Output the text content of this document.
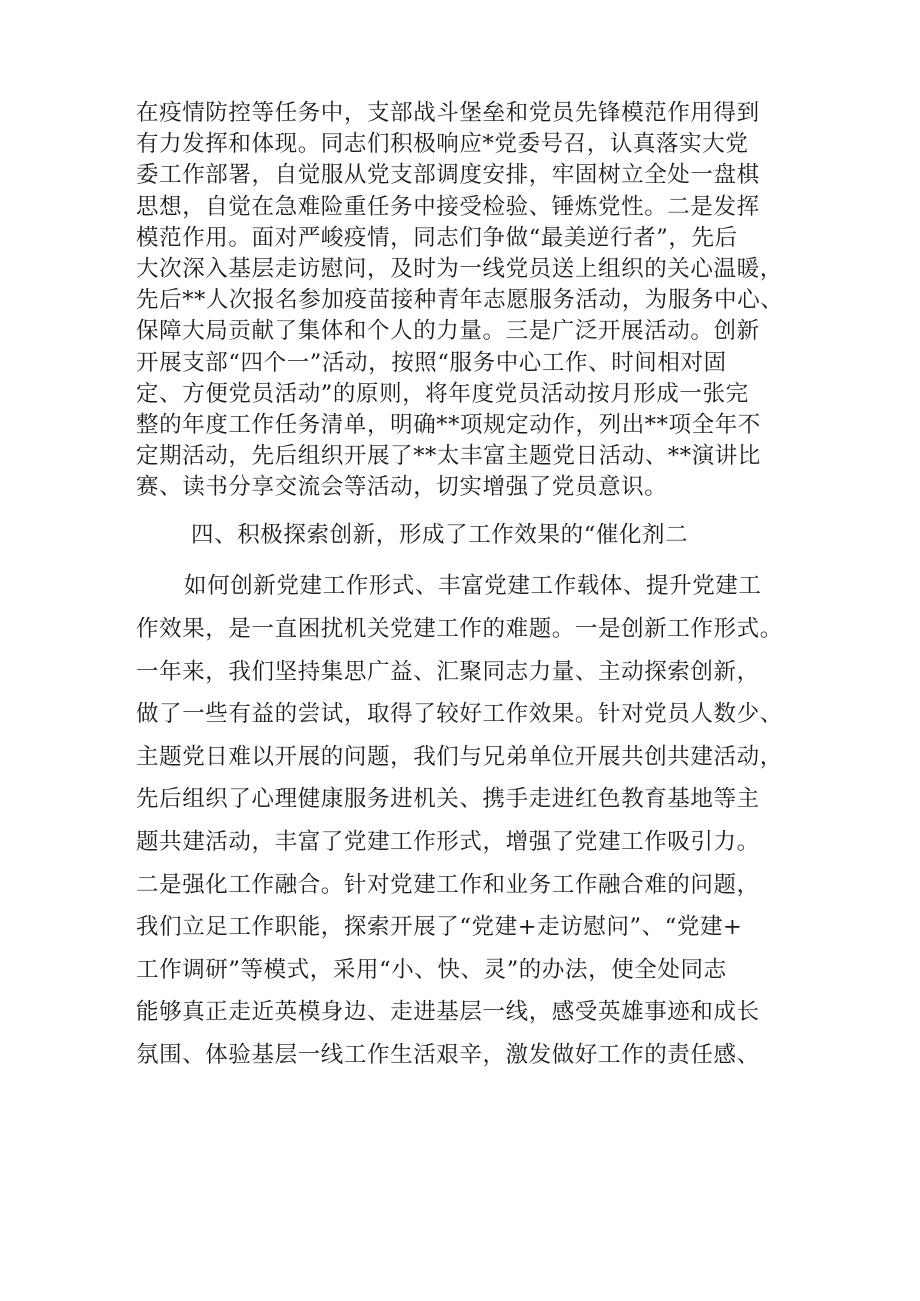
在疫情防控等任务中，支部战斗堡垒和党员先锋模范作用得到
有力发挥和体现。同志们积极响应*党委号召，认真落实大党
委工作部署，自觉服从党支部调度安排，牢固树立全处一盘棋
思想，自觉在急难险重任务中接受检验、锤炼党性。二是发挥
模范作用。面对严峻疫情，同志们争做“最美逆行者”，先后
大次深入基层走访慰问，及时为一线党员送上组织的关心温暖，
先后**人次报名参加疫苗接种青年志愿服务活动，为服务中心、
保障大局贡献了集体和个人的力量。三是广泛开展活动。创新
开展支部“四个一”活动，按照“服务中心工作、时间相对固
定、方便党员活动”的原则，将年度党员活动按月形成一张完
整的年度工作任务清单，明确**项规定动作，列出**项全年不
定期活动，先后组织开展了**太丰富主题党日活动、**演讲比
赛、读书分享交流会等活动，切实增强了党员意识。
四、积极探索创新，形成了工作效果的“催化剂二
如何创新党建工作形式、丰富党建工作载体、提升党建工
作效果，是一直困扰机关党建工作的难题。一是创新工作形式。
一年来，我们坚持集思广益、汇聚同志力量、主动探索创新，
做了一些有益的尝试，取得了较好工作效果。针对党员人数少、
主题党日难以开展的问题，我们与兄弟单位开展共创共建活动，
先后组织了心理健康服务进机关、携手走进红色教育基地等主
题共建活动，丰富了党建工作形式，增强了党建工作吸引力。
二是强化工作融合。针对党建工作和业务工作融合难的问题，
我们立足工作职能，探索开展了“党建+走访慰问”、“党建+
工作调研”等模式，采用“小、快、灵”的办法，使全处同志
能够真正走近英模身边、走进基层一线，感受英雄事迹和成长
氛围、体验基层一线工作生活艰辛，激发做好工作的责任感、
